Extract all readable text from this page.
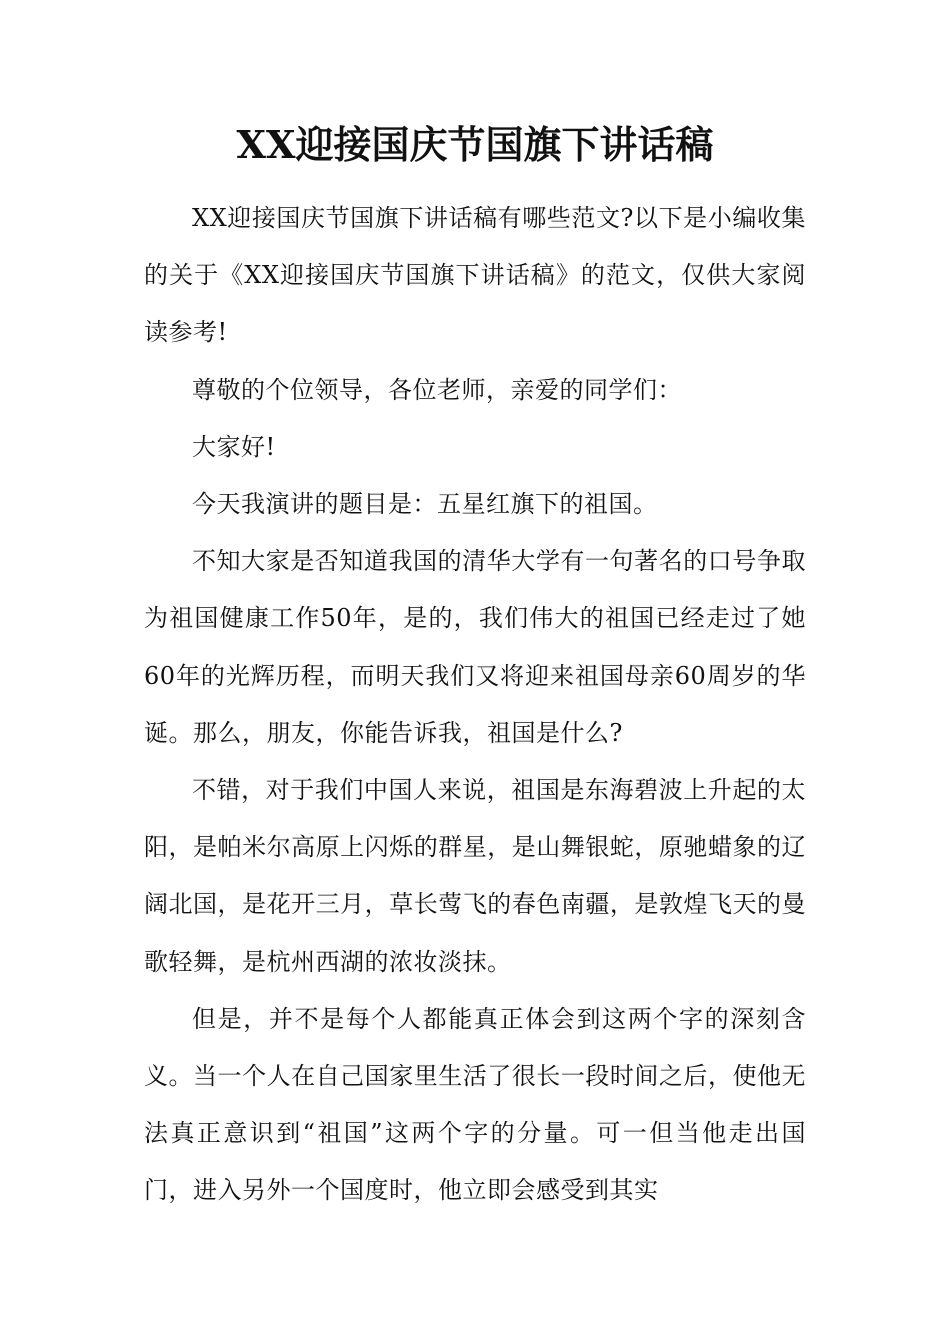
XX迎接国庆节国旗下讲话稿

XX迎接国庆节国旗下讲话稿有哪些范文?以下是小编收集的关于《XX迎接国庆节国旗下讲话稿》的范文，仅供大家阅读参考!

尊敬的个位领导，各位老师，亲爱的同学们：

大家好!

今天我演讲的题目是：五星红旗下的祖国。

不知大家是否知道我国的清华大学有一句著名的口号争取为祖国健康工作50年，是的，我们伟大的祖国已经走过了她60年的光辉历程，而明天我们又将迎来祖国母亲60周岁的华诞。那么，朋友，你能告诉我，祖国是什么?

不错，对于我们中国人来说，祖国是东海碧波上升起的太阳，是帕米尔高原上闪烁的群星，是山舞银蛇，原驰蜡象的辽阔北国，是花开三月，草长莺飞的春色南疆，是敦煌飞天的曼歌轻舞，是杭州西湖的浓妆淡抹。

但是，并不是每个人都能真正体会到这两个字的深刻含义。当一个人在自己国家里生活了很长一段时间之后，使他无法真正意识到“祖国”这两个字的分量。可一但当他走出国门，进入另外一个国度时，他立即会感受到其实
